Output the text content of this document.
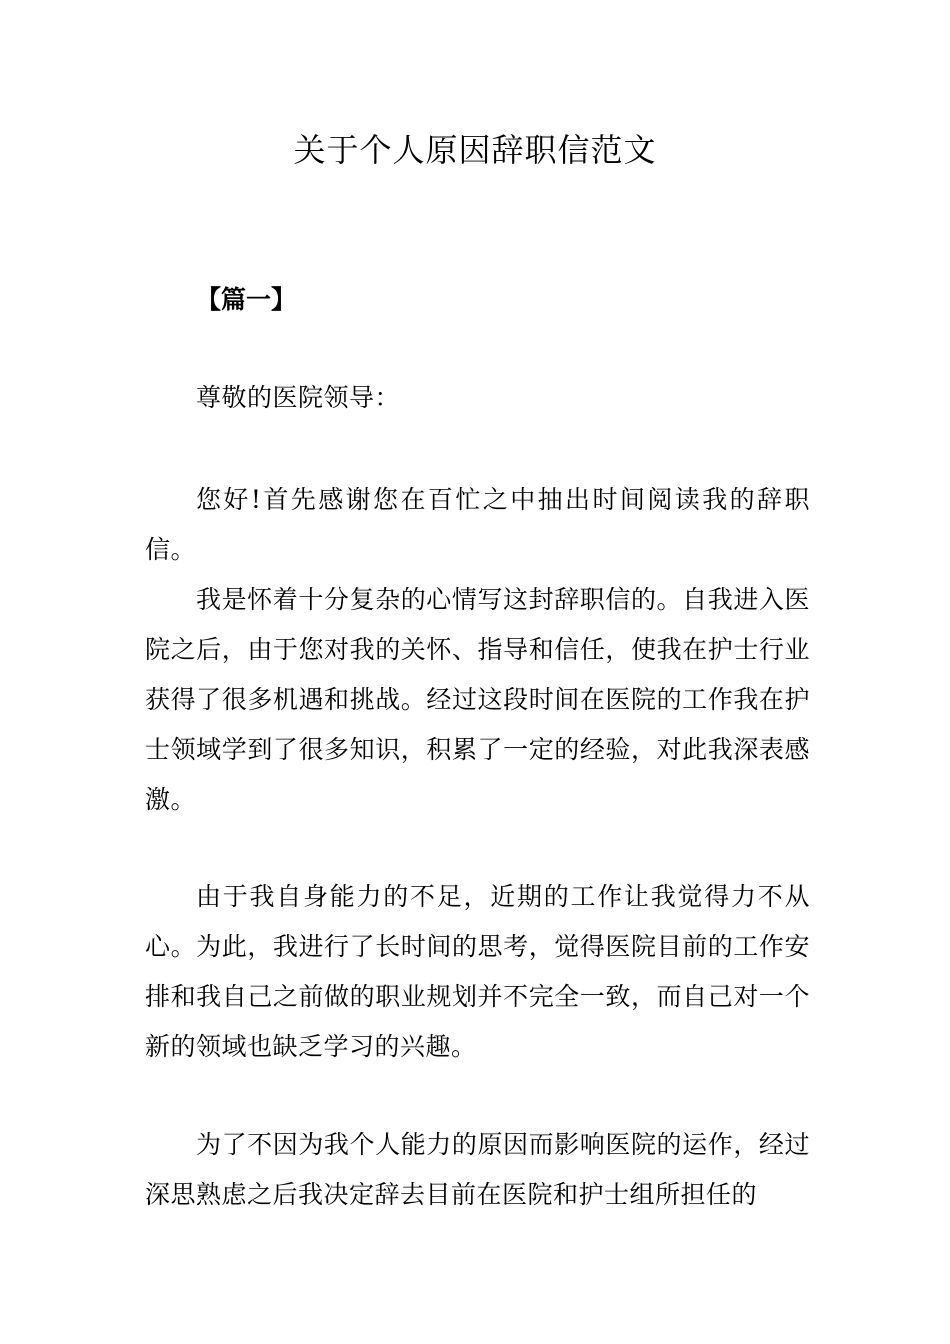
关于个人原因辞职信范文
【篇一】
尊敬的医院领导：
您好!首先感谢您在百忙之中抽出时间阅读我的辞职信。
我是怀着十分复杂的心情写这封辞职信的。自我进入医院之后，由于您对我的关怀、指导和信任，使我在护士行业获得了很多机遇和挑战。经过这段时间在医院的工作我在护士领域学到了很多知识，积累了一定的经验，对此我深表感激。
由于我自身能力的不足，近期的工作让我觉得力不从心。为此，我进行了长时间的思考，觉得医院目前的工作安排和我自己之前做的职业规划并不完全一致，而自己对一个新的领域也缺乏学习的兴趣。
为了不因为我个人能力的原因而影响医院的运作，经过深思熟虑之后我决定辞去目前在医院和护士组所担任的
